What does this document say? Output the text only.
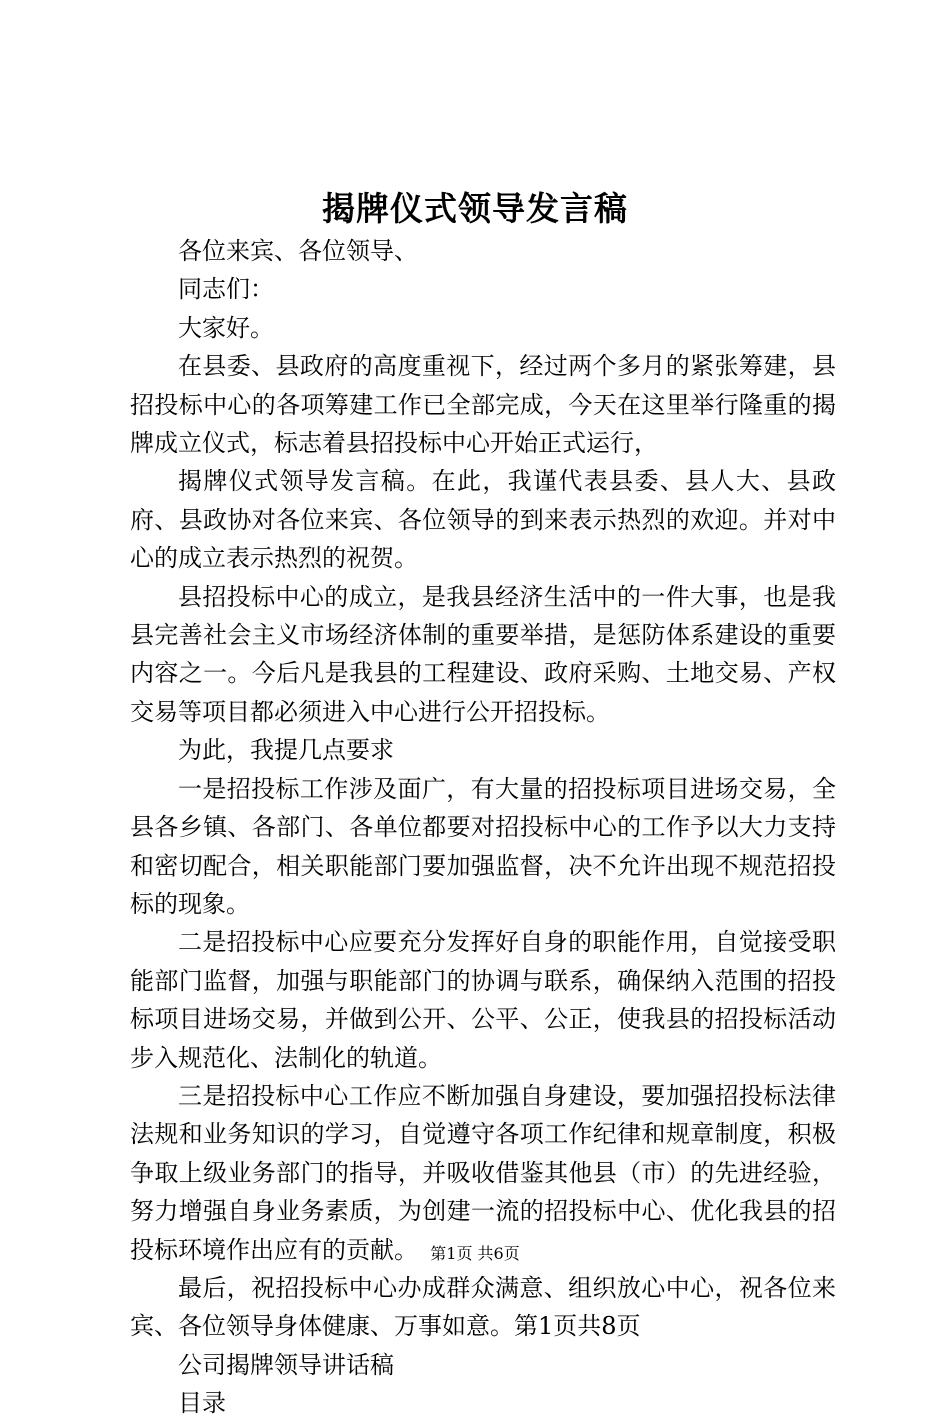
揭牌仪式领导发言稿

各位来宾、各位领导、

同志们：

大家好。

在县委、县政府的高度重视下，经过两个多月的紧张筹建，县招投标中心的各项筹建工作已全部完成，今天在这里举行隆重的揭牌成立仪式，标志着县招投标中心开始正式运行，

揭牌仪式领导发言稿。在此，我谨代表县委、县人大、县政府、县政协对各位来宾、各位领导的到来表示热烈的欢迎。并对中心的成立表示热烈的祝贺。

县招投标中心的成立，是我县经济生活中的一件大事，也是我县完善社会主义市场经济体制的重要举措，是惩防体系建设的重要内容之一。今后凡是我县的工程建设、政府采购、土地交易、产权交易等项目都必须进入中心进行公开招投标。

为此，我提几点要求

一是招投标工作涉及面广，有大量的招投标项目进场交易，全县各乡镇、各部门、各单位都要对招投标中心的工作予以大力支持和密切配合，相关职能部门要加强监督，决不允许出现不规范招投标的现象。

二是招投标中心应要充分发挥好自身的职能作用，自觉接受职能部门监督，加强与职能部门的协调与联系，确保纳入范围的招投标项目进场交易，并做到公开、公平、公正，使我县的招投标活动步入规范化、法制化的轨道。

三是招投标中心工作应不断加强自身建设，要加强招投标法律法规和业务知识的学习，自觉遵守各项工作纪律和规章制度，积极争取上级业务部门的指导，并吸收借鉴其他县（市）的先进经验，努力增强自身业务素质，为创建一流的招投标中心、优化我县的招投标环境作出应有的贡献。

最后，祝招投标中心办成群众满意、组织放心中心，祝各位来宾、各位领导身体健康、万事如意。第1页共8页

公司揭牌领导讲话稿

目录

第1页 共6页
